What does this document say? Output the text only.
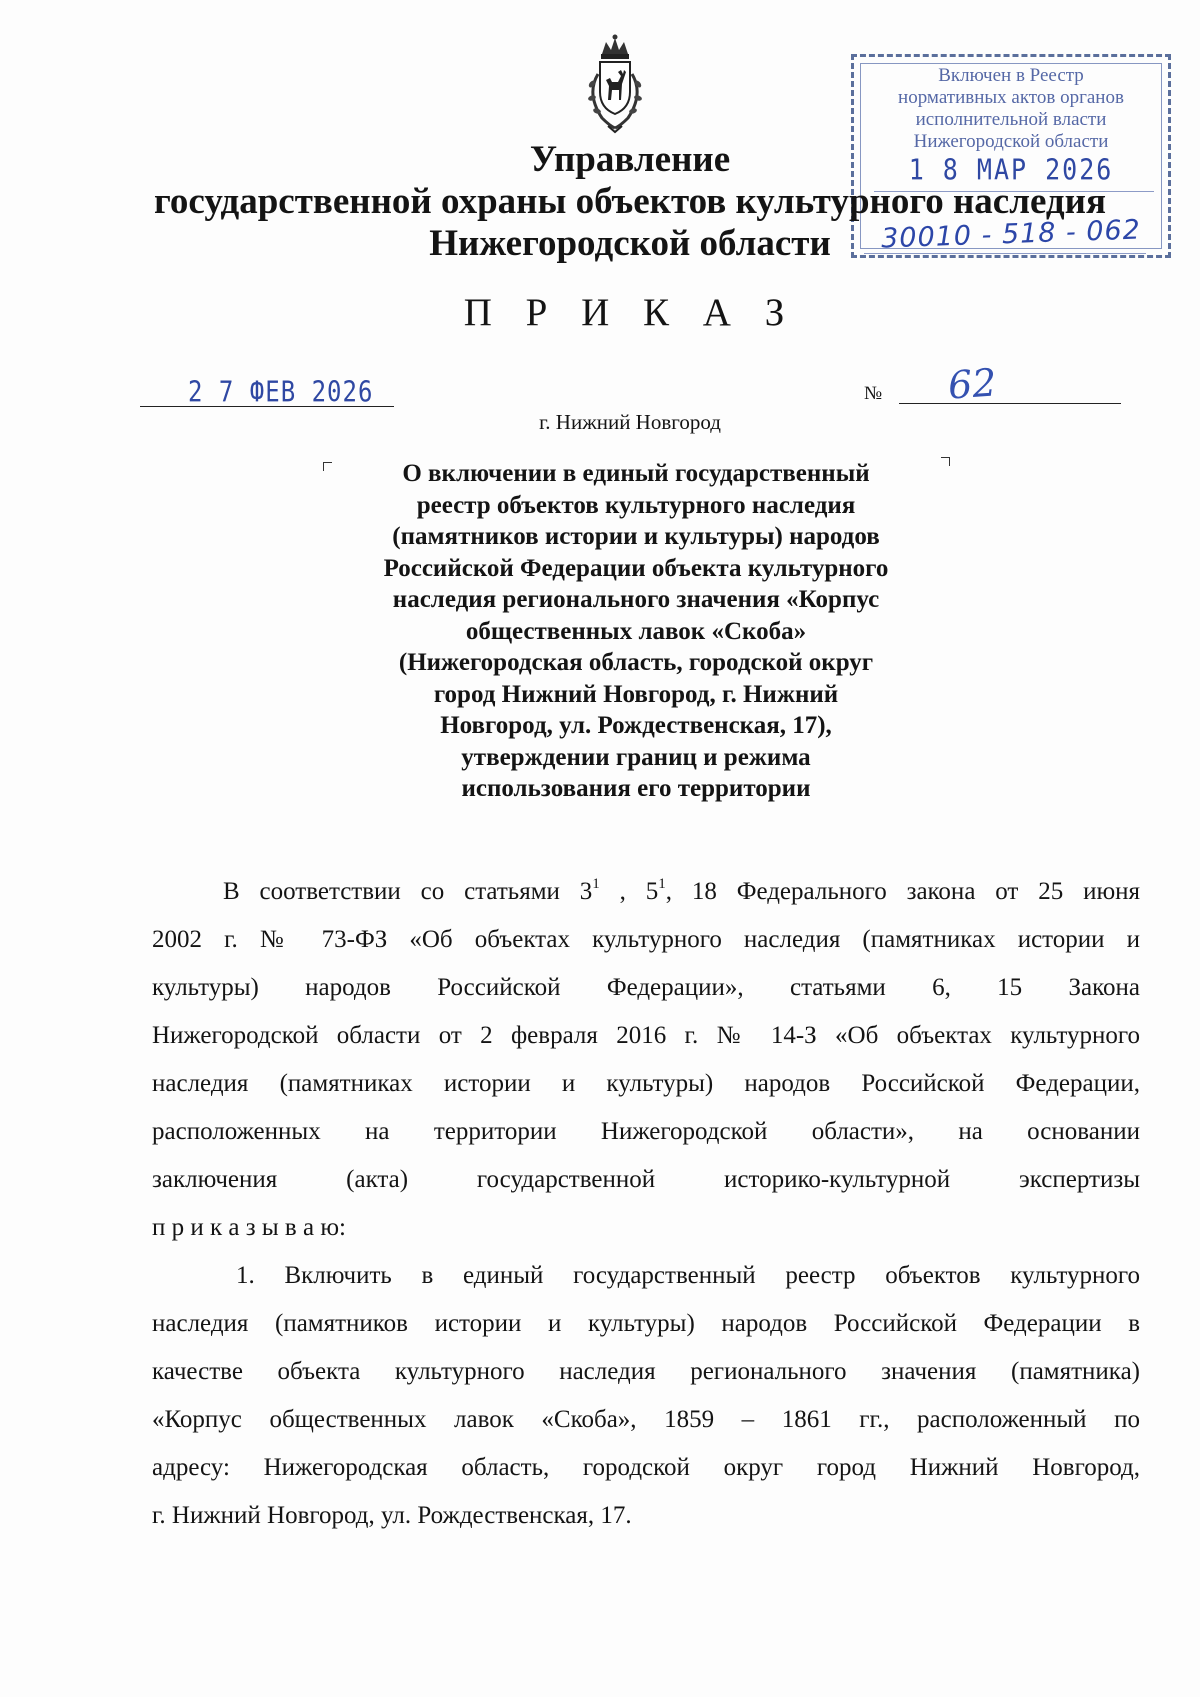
Включен в Реестр
нормативных актов органов
исполнительной власти
Нижегородской области
1 8 МАР 2026
30010 - 518 - 062
Управление
государственной охраны объектов культурного наследия
Нижегородской области
П Р И К А З
2 7 ФЕВ 2026	№ 62
г. Нижний Новгород
О включении в единый государственный
реестр объектов культурного наследия
(памятников истории и культуры) народов
Российской Федерации объекта культурного
наследия регионального значения «Корпус
общественных лавок «Скоба»
(Нижегородская область, городской округ
город Нижний Новгород, г. Нижний
Новгород, ул. Рождественская, 17),
утверждении границ и режима
использования его территории
В соответствии со статьями $3^1$ , $5^1$, 18 Федерального закона от 25 июня
2002 г. № 73-ФЗ «Об объектах культурного наследия (памятниках истории и
культуры) народов Российской Федерации», статьями 6, 15 Закона
Нижегородской области от 2 февраля 2016 г. № 14-З «Об объектах культурного
наследия (памятниках истории и культуры) народов Российской Федерации,
расположенных на территории Нижегородской области», на основании
заключения (акта) государственной историко-культурной экспертизы
п р и к а з ы в а ю:
1. Включить в единый государственный реестр объектов культурного
наследия (памятников истории и культуры) народов Российской Федерации в
качестве объекта культурного наследия регионального значения (памятника)
«Корпус общественных лавок «Скоба», 1859 – 1861 гг., расположенный по
адресу: Нижегородская область, городской округ город Нижний Новгород,
г. Нижний Новгород, ул. Рождественская, 17.
